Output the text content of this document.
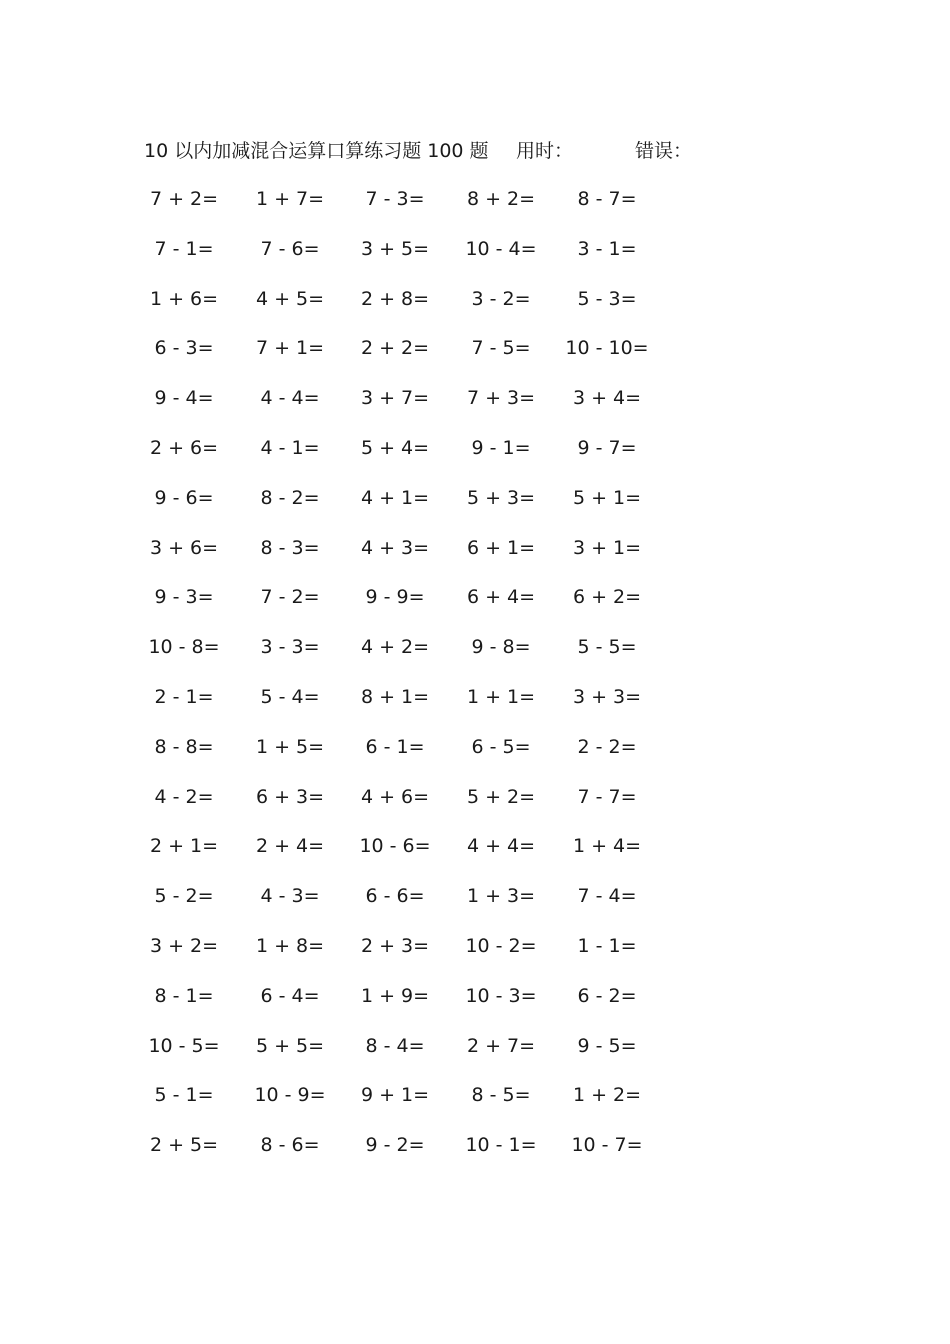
10 以内加减混合运算口算练习题 100 题 用时：	错误：
7 + 2=	1 + 7=	7 - 3=	8 + 2=	8 - 7=
7 - 1=	7 - 6=	3 + 5=	10 - 4=	3 - 1=
1 + 6=	4 + 5=	2 + 8=	3 - 2=	5 - 3=
6 - 3=	7 + 1=	2 + 2=	7 - 5=	10 - 10=
9 - 4=	4 - 4=	3 + 7=	7 + 3=	3 + 4=
2 + 6=	4 - 1=	5 + 4=	9 - 1=	9 - 7=
9 - 6=	8 - 2=	4 + 1=	5 + 3=	5 + 1=
3 + 6=	8 - 3=	4 + 3=	6 + 1=	3 + 1=
9 - 3=	7 - 2=	9 - 9=	6 + 4=	6 + 2=
10 - 8=	3 - 3=	4 + 2=	9 - 8=	5 - 5=
2 - 1=	5 - 4=	8 + 1=	1 + 1=	3 + 3=
8 - 8=	1 + 5=	6 - 1=	6 - 5=	2 - 2=
4 - 2=	6 + 3=	4 + 6=	5 + 2=	7 - 7=
2 + 1=	2 + 4=	10 - 6=	4 + 4=	1 + 4=
5 - 2=	4 - 3=	6 - 6=	1 + 3=	7 - 4=
3 + 2=	1 + 8=	2 + 3=	10 - 2=	1 - 1=
8 - 1=	6 - 4=	1 + 9=	10 - 3=	6 - 2=
10 - 5=	5 + 5=	8 - 4=	2 + 7=	9 - 5=
5 - 1=	10 - 9=	9 + 1=	8 - 5=	1 + 2=
2 + 5=	8 - 6=	9 - 2=	10 - 1=	10 - 7=
